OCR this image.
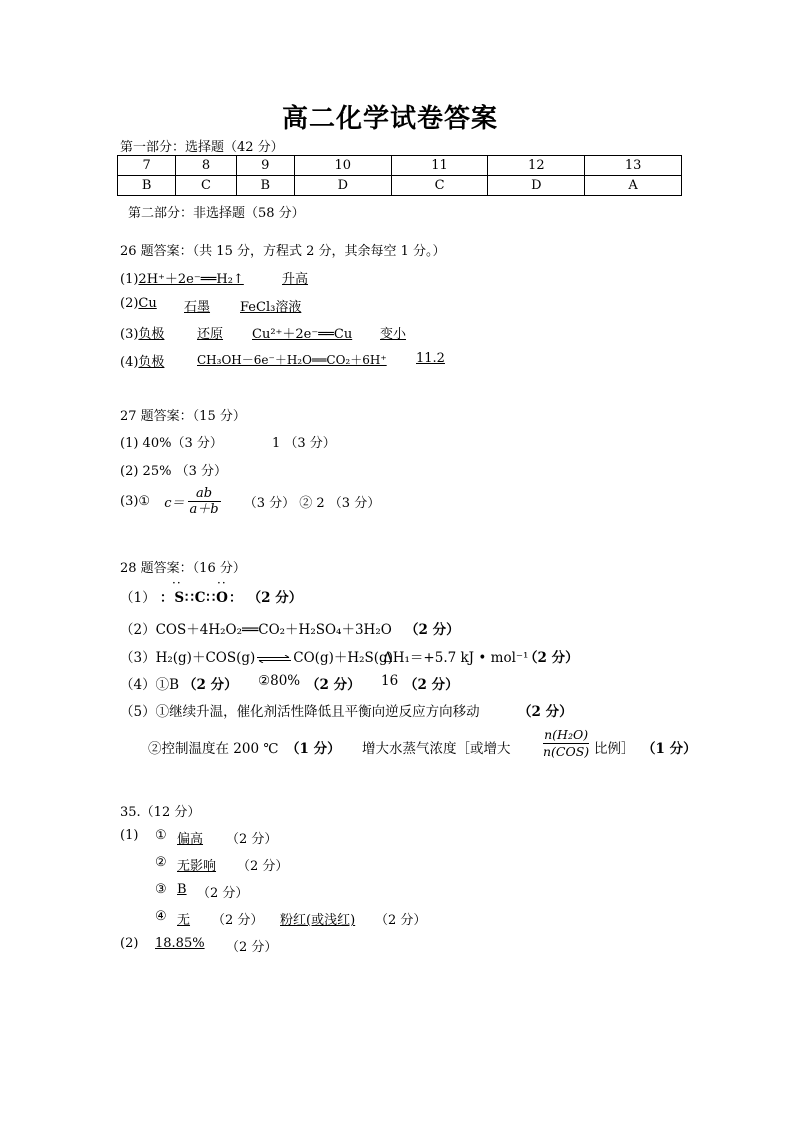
高二化学试卷答案
第一部分：选择题（42 分）
7	8	9	10	11	12	13
B	C	B	D	C	D	A
第二部分：非选择题（58 分）
26 题答案：（共 15 分，方程式 2 分，其余每空 1 分。）
(1)2H⁺＋2e⁻══H₂↑	升高
(2)Cu 石墨 FeCl₃溶液
(3)负极	还原 Cu²⁺＋2e⁻══Cu 变小
(4)负极	CH₃OH－6e⁻＋H₂O══CO₂＋6H⁺ 11.2
27 题答案：（15 分）
(1) 40%（3 分）	1 （3 分）
(2) 25% （3 分）
(3)① $c= \frac{ab}{a+b} (3$ 分） ② 2 （3 分）
28 题答案：（16 分）
（1） ：S∷C∷O： （2 分）
··	··
（2）COS＋4H₂O₂══CO₂＋H₂SO₄＋3H₂O （2 分）
（3）H₂(g)＋COS(g) ⇌ CO(g)＋H₂S(g)
ΔH₁＝+5.7 kJ • mol⁻¹
（2 分）
（4）①B （2 分） ②80% （2 分） 16 （2 分）
（5）①继续升温，催化剂活性降低且平衡向逆反应方向移动	（2 分）
②控制温度在 200 ℃ （1 分） 增大水蒸气浓度［或增大
n(H₂O)
n(COS) 比例］ （1 分）
35.（12 分）
(1) ① 偏高 （2 分）
② 无影响 （2 分）
③ B （2 分）
④ 无 （2 分） 粉红(或浅红) （2 分）
(2) 18.85% （2 分）
